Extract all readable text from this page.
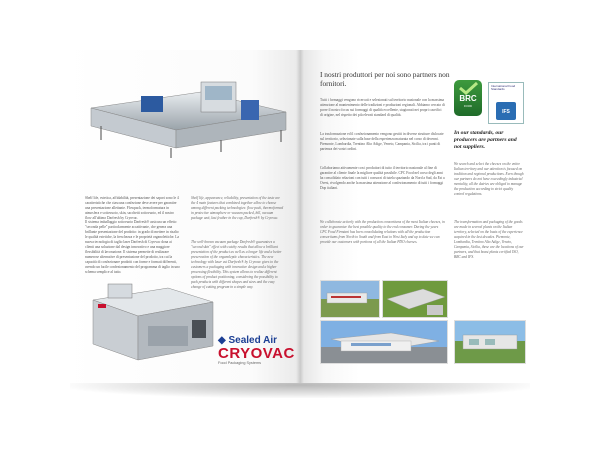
Shelf life, estetica, affidabilità, presentazione dei sapori sono le 4 caratteristiche che ciascuna confezione deve avere per garantire una presentazione allettante. Flowpack, termoformatura in atmosfera e sottovuoto, skin, sacchetti sottovuoto, ed il nostro flow all'ultimo Darfresh by Cryovac.
Il sistema imballaggio sottovuoto Darfresh® assicura un effetto "seconda pelle" particolarmente accattivante, che genera una brillante presentazione del prodotto: in grado di mettere in risalto le qualità estetiche, la freschezza e le proprietà organolettiche. La nuova tecnologia di taglio laser Darfresh di Cryovac dona ai clienti una soluzione dal design innovativo e una maggiore flessibilità di lavorazione. Il sistema permette di realizzare numerose alternative di presentazione del prodotto, tra cui la capacità di confezionare prodotti con forme e formati differenti, avendo un facile confezionamento del programma di taglio in uno schema semplice al tutto.
Shelf life, appearance, reliability, presentation of the taste are the 4 main features that combined together allow to choose among different packing technologies: flow pack, thermoformed in protective atmosphere or vacuum packed, hill, vacuum package unit, last feather in the cap, Darfresh® by Cryovac.
The well-known vacuum package Darfresh® guarantees a "second skin" effect with catchy results that allow a brilliant presentation of the product as well as a longer life and a better preservation of the organoleptic characteristics. The new technology with laser cut Darfresh® by Cryovac gives to the customers a packaging with innovative design and a higher processing flexibility. This system allows to realize different options of product positioning, considering the possibility to pack products with different shapes and sizes and the easy change of cutting program in a simple way.
◆ Sealed Air
CRYOVAC
Food Packaging Systems
I nostri produttori per noi sono partners non fornitori.
Tutti i formaggi vengono ricercati e selezionati sul territorio nazionale con la massima attenzione al mantenimento delle tradizioni e produzioni regionali. Abbiamo cercato di porre il nostro focus sui formaggi di qualità eccellente, stagionati nei propri caseifici di origine, nel rispetto dei più elevati standard di qualità.
La trasformazione ed il confezionamento vengono gestiti in diverse strutture dislocate sul territorio, selezionate sulla base della esperienza maturata nel corso di decenni. Piemonte, Lombardia, Trentino Alto Adige, Veneto, Campania, Sicilia, tra i punti di partenza dei vostri ordini.
Collaboriamo attivamente con i produttori di tutto il territorio nazionale al fine di garantire al cliente finale la migliore qualità possibile. CPC Food nel corso degli anni ha consolidato relazioni con tutti i consorzi di tutela spaziando da Nord a Sud, da Est a Ovest, rivolgendo anche la massima attenzione al confezionamento di tutti i formaggi Dop italiani.
We collaborate actively with the production consortiums of the most Italian cheeses, in order to guarantee the best possible quality to the end consumer. During the years CPC Food Firmiani has been consolidating relations with all the production consortiums from North to South and from East to West Italy and up to date we can provide our customers with portions of all the Italian PDO cheeses.
BRC
FOOD
International Food Standards
IFS
In our standards, our producers are partners and not suppliers.
We search and select the cheeses on the entire Italian territory and our attention is focused on tradition and regional productions. Even though our partners do not have exceedingly industrial mentality, all the dairies are obliged to manage the production according to strict quality control regulations.
The transformation and packaging of the goods are made in several plants on the Italian territory, selected on the basis of the experience acquired in the last decades. Piemonte, Lombardia, Trentino Alto Adige, Veneto, Campania, Sicilia, these are the locations of our partners, and that boast plants certified ISO, BRC and IFS.
